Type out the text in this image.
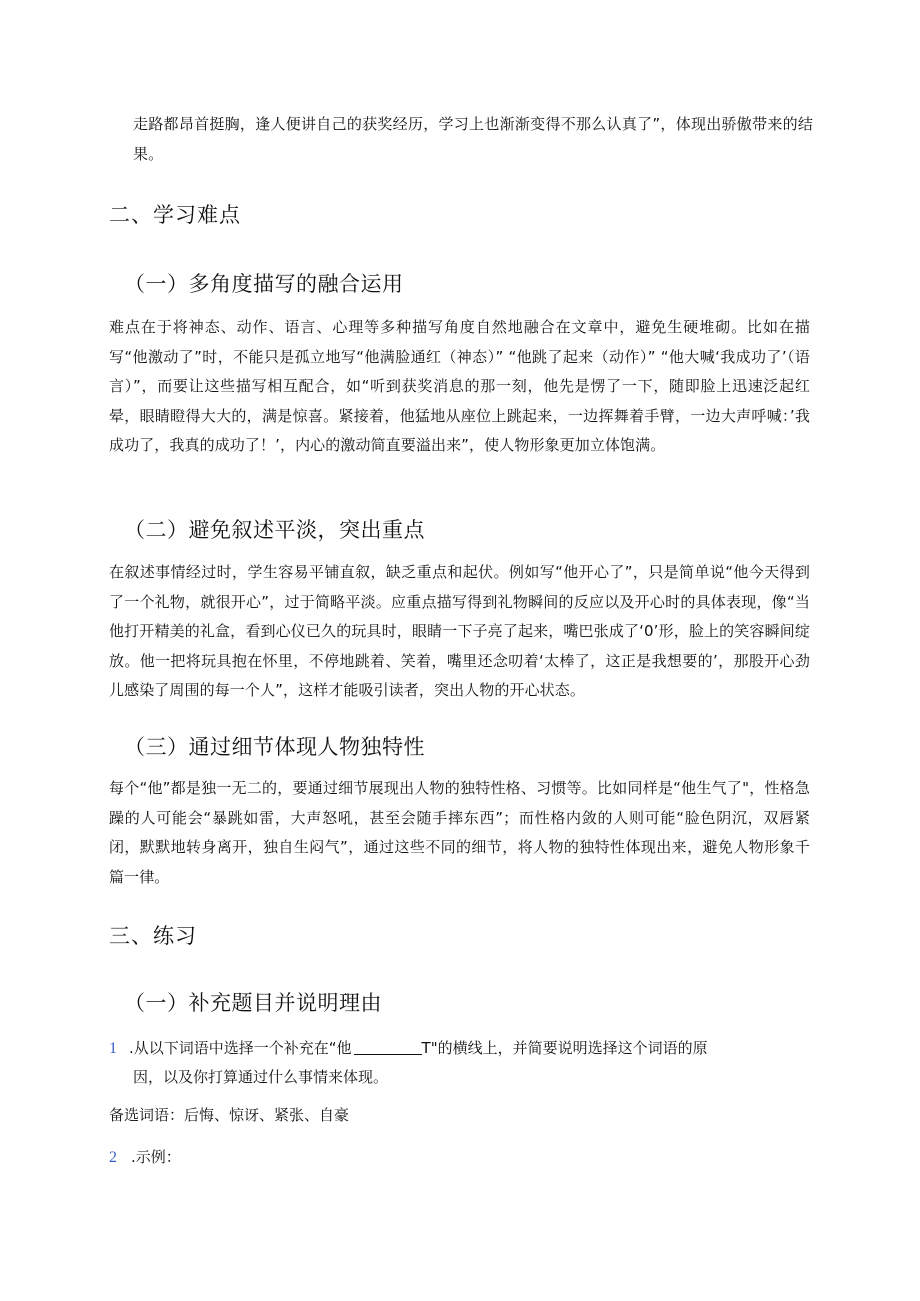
走路都昂首挺胸，逢人便讲自己的获奖经历，学习上也渐渐变得不那么认真了”，体现出骄傲带来的结果。

二、学习难点
（一）多角度描写的融合运用

难点在于将神态、动作、语言、心理等多种描写角度自然地融合在文章中，避免生硬堆砌。比如在描写“他激动了”时，不能只是孤立地写“他满脸通红（神态）” “他跳了起来（动作）” “他大喊‘我成功了’（语言）”，而要让这些描写相互配合，如“听到获奖消息的那一刻，他先是愣了一下，随即脸上迅速泛起红晕，眼睛瞪得大大的，满是惊喜。紧接着，他猛地从座位上跳起来，一边挥舞着手臂，一边大声呼喊：’我成功了，我真的成功了！’，内心的激动简直要溢出来”，使人物形象更加立体饱满。

（二）避免叙述平淡，突出重点

在叙述事情经过时，学生容易平铺直叙，缺乏重点和起伏。例如写“他开心了”，只是简单说“他今天得到了一个礼物，就很开心”，过于简略平淡。应重点描写得到礼物瞬间的反应以及开心时的具体表现，像“当他打开精美的礼盒，看到心仪已久的玩具时，眼睛一下子亮了起来，嘴巴张成了‘0’形，脸上的笑容瞬间绽放。他一把将玩具抱在怀里，不停地跳着、笑着，嘴里还念叨着‘太棒了，这正是我想要的’，那股开心劲儿感染了周围的每一个人”，这样才能吸引读者，突出人物的开心状态。

（三）通过细节体现人物独特性

每个“他”都是独一无二的，要通过细节展现出人物的独特性格、习惯等。比如同样是“他生气了"，性格急躁的人可能会“暴跳如雷，大声怒吼，甚至会随手摔东西”；而性格内敛的人则可能“脸色阴沉，双唇紧闭，默默地转身离开，独自生闷气”，通过这些不同的细节，将人物的独特性体现出来，避免人物形象千篇一律。

三、练习
（一）补充题目并说明理由
1 .从以下词语中选择一个补充在“他	T"的横线上，并简要说明选择这个词语的原
因，以及你打算通过什么事情来体现。
备选词语：后悔、惊讶、紧张、自豪
2 .示例：
